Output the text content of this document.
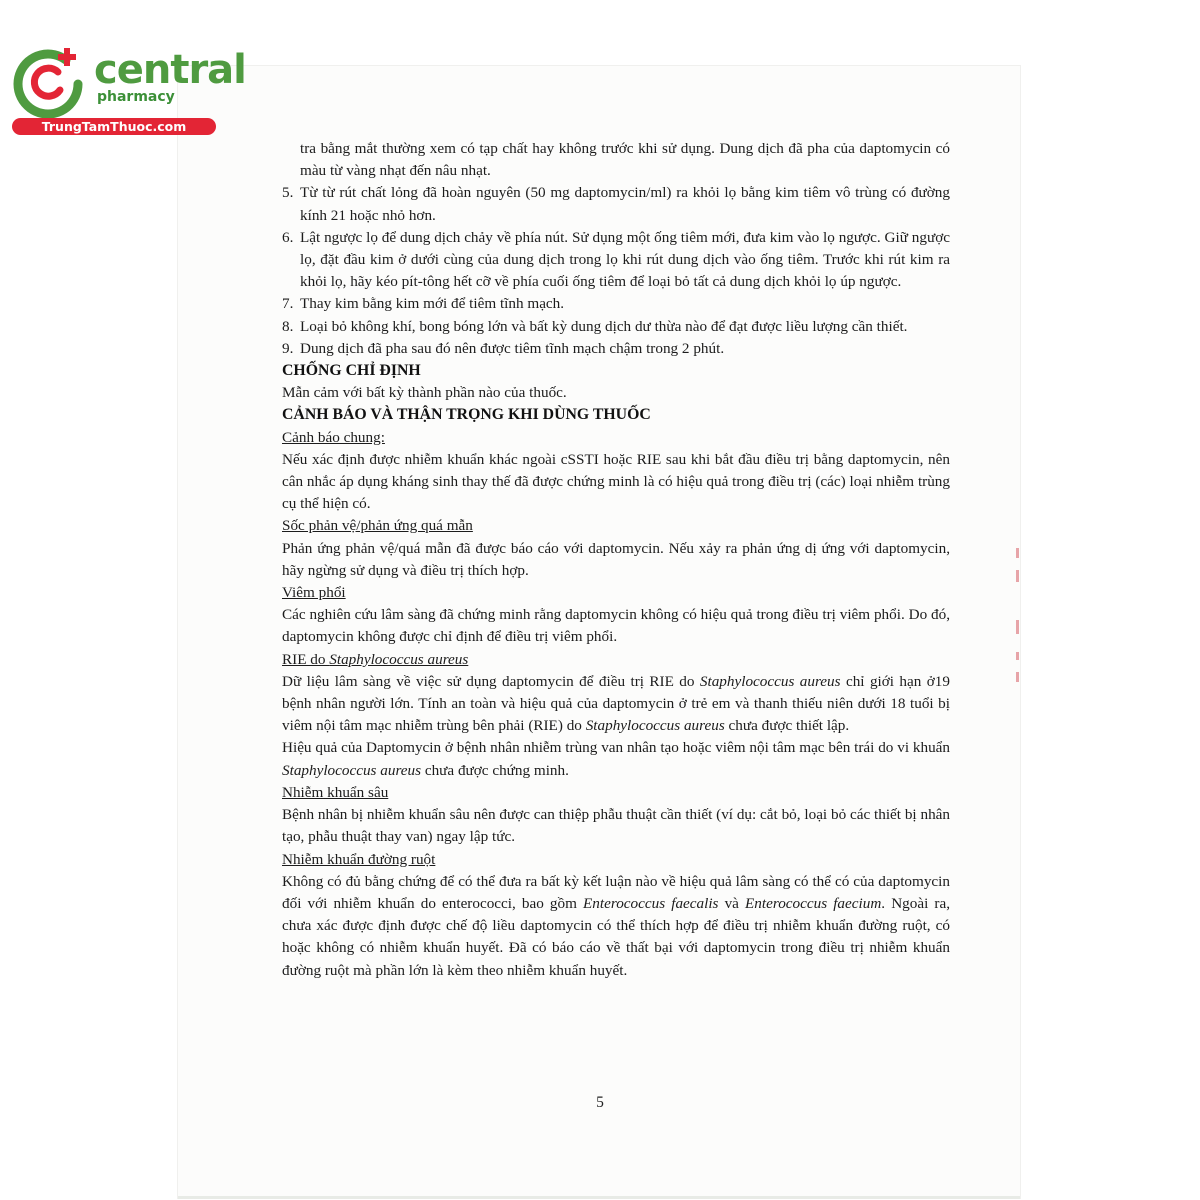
central
pharmacy
TrungTamThuoc.com

tra bằng mắt thường xem có tạp chất hay không trước khi sử dụng. Dung dịch đã pha của daptomycin có màu từ vàng nhạt đến nâu nhạt.

5. Từ từ rút chất lỏng đã hoàn nguyên (50 mg daptomycin/ml) ra khỏi lọ bằng kim tiêm vô trùng có đường kính 21 hoặc nhỏ hơn.
6. Lật ngược lọ để dung dịch chảy về phía nút. Sử dụng một ống tiêm mới, đưa kim vào lọ ngược. Giữ ngược lọ, đặt đầu kim ở dưới cùng của dung dịch trong lọ khi rút dung dịch vào ống tiêm. Trước khi rút kim ra khỏi lọ, hãy kéo pít-tông hết cỡ về phía cuối ống tiêm để loại bỏ tất cả dung dịch khỏi lọ úp ngược.
7. Thay kim bằng kim mới để tiêm tĩnh mạch.
8. Loại bỏ không khí, bong bóng lớn và bất kỳ dung dịch dư thừa nào để đạt được liều lượng cần thiết.
9. Dung dịch đã pha sau đó nên được tiêm tĩnh mạch chậm trong 2 phút.
CHỐNG CHỈ ĐỊNH

Mẫn cảm với bất kỳ thành phần nào của thuốc.

CẢNH BÁO VÀ THẬN TRỌNG KHI DÙNG THUỐC

Cảnh báo chung:

Nếu xác định được nhiễm khuẩn khác ngoài cSSTI hoặc RIE sau khi bắt đầu điều trị bằng daptomycin, nên cân nhắc áp dụng kháng sinh thay thế đã được chứng minh là có hiệu quả trong điều trị (các) loại nhiễm trùng cụ thể hiện có.

Sốc phản vệ/phản ứng quá mẫn

Phản ứng phản vệ/quá mẫn đã được báo cáo với daptomycin. Nếu xảy ra phản ứng dị ứng với daptomycin, hãy ngừng sử dụng và điều trị thích hợp.

Viêm phổi

Các nghiên cứu lâm sàng đã chứng minh rằng daptomycin không có hiệu quả trong điều trị viêm phổi. Do đó, daptomycin không được chỉ định để điều trị viêm phổi.

RIE do Staphylococcus aureus

Dữ liệu lâm sàng về việc sử dụng daptomycin để điều trị RIE do Staphylococcus aureus chỉ giới hạn ở19 bệnh nhân người lớn. Tính an toàn và hiệu quả của daptomycin ở trẻ em và thanh thiếu niên dưới 18 tuổi bị viêm nội tâm mạc nhiễm trùng bên phải (RIE) do Staphylococcus aureus chưa được thiết lập.

Hiệu quả của Daptomycin ở bệnh nhân nhiễm trùng van nhân tạo hoặc viêm nội tâm mạc bên trái do vi khuẩn Staphylococcus aureus chưa được chứng minh.

Nhiễm khuẩn sâu

Bệnh nhân bị nhiễm khuẩn sâu nên được can thiệp phẫu thuật cần thiết (ví dụ: cắt bỏ, loại bỏ các thiết bị nhân tạo, phẫu thuật thay van) ngay lập tức.

Nhiễm khuẩn đường ruột

Không có đủ bằng chứng để có thể đưa ra bất kỳ kết luận nào về hiệu quả lâm sàng có thể có của daptomycin đối với nhiễm khuẩn do enterococci, bao gồm Enterococcus faecalis và Enterococcus faecium. Ngoài ra, chưa xác được định được chế độ liều daptomycin có thể thích hợp để điều trị nhiễm khuẩn đường ruột, có hoặc không có nhiễm khuẩn huyết. Đã có báo cáo về thất bại với daptomycin trong điều trị nhiễm khuẩn đường ruột mà phần lớn là kèm theo nhiễm khuẩn huyết.

5
